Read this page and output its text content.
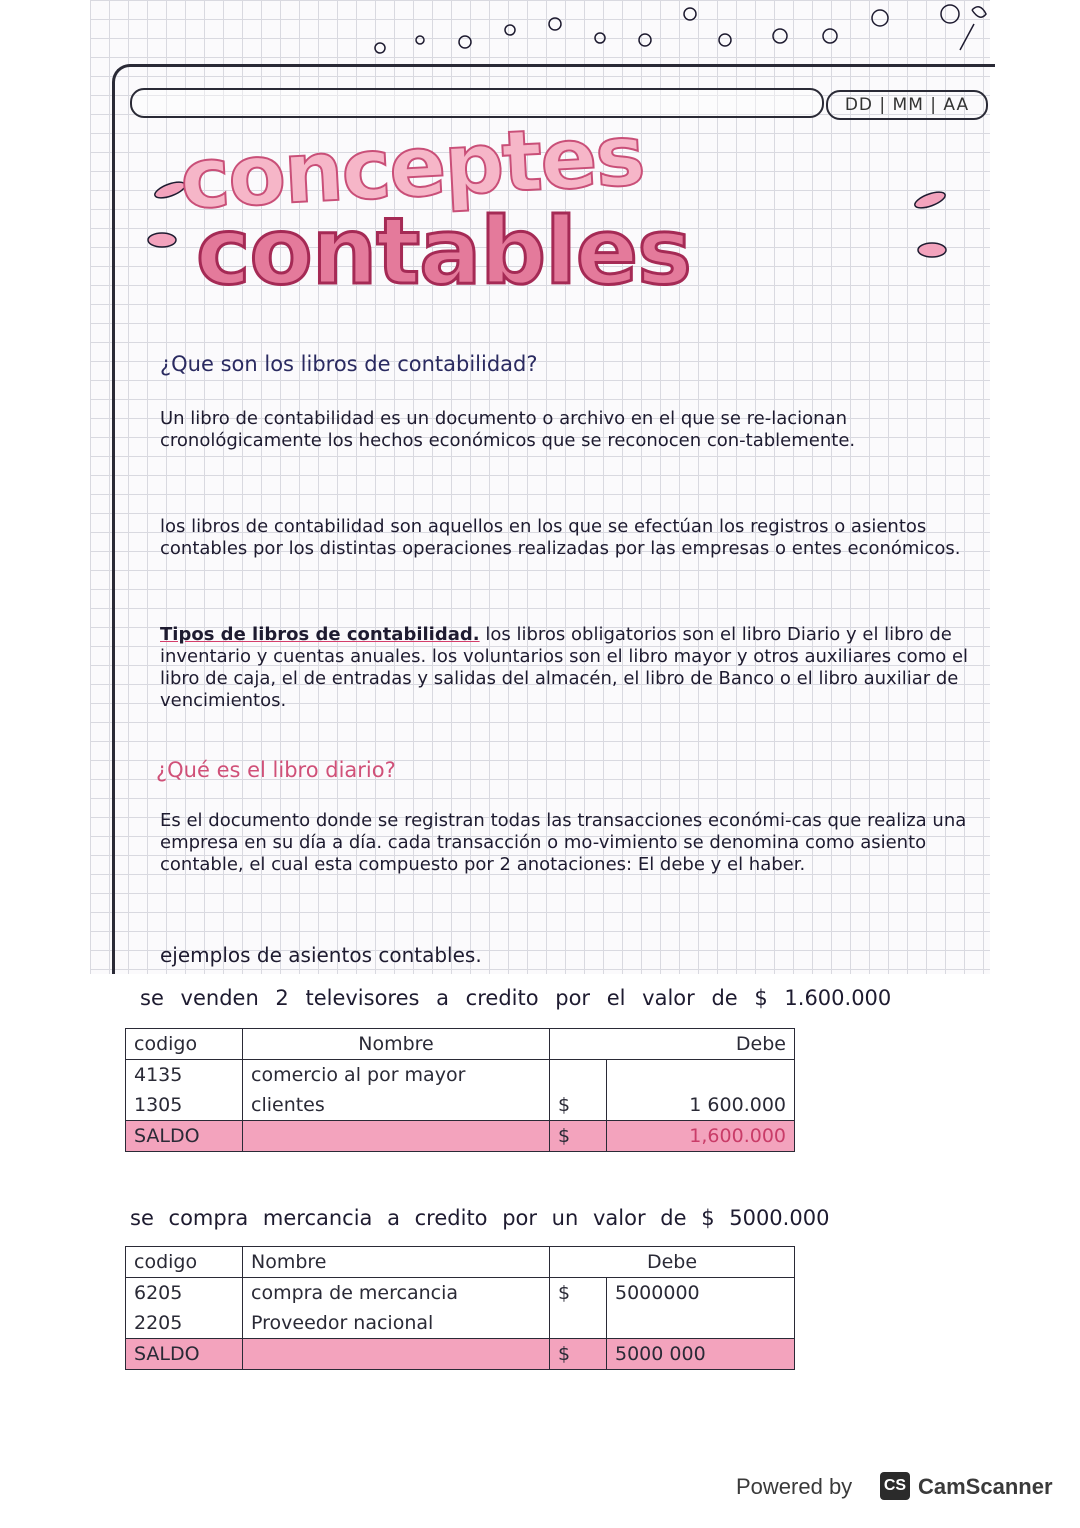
DD | MM | AA
conceptes
contables
¿Que son los libros de contabilidad?
Un libro de contabilidad es un documento o archivo en el que se re-lacionan cronológicamente los hechos económicos que se reconocen con-tablemente.
los libros de contabilidad son aquellos en los que se efectúan los registros o asientos contables por los distintas operaciones realizadas por las empresas o entes económicos.
Tipos de libros de contabilidad. los libros obligatorios son el libro Diario y el libro de inventario y cuentas anuales. los voluntarios son el libro mayor y otros auxiliares como el libro de caja, el de entradas y salidas del almacén, el libro de Banco o el libro auxiliar de vencimientos.
¿Qué es el libro diario?
Es el documento donde se registran todas las transacciones económi-cas que realiza una empresa en su día a día. cada transacción o mo-vimiento se denomina como asiento contable, el cual esta compuesto por 2 anotaciones: El debe y el haber.
ejemplos de asientos contables.
se venden 2 televisores a credito por el valor de $ 1.600.000
codigo	Nombre	Debe	
4135	comercio al por mayor		
1305	clientes	$	1 600.000
SALDO		$	1,600.000
se compra mercancia a credito por un valor de $ 5000.000
codigo	Nombre	Debe	
6205	compra de mercancia	$	5000000
2205	Proveedor nacional		
SALDO		$	5000 000
Powered by CS CamScanner
